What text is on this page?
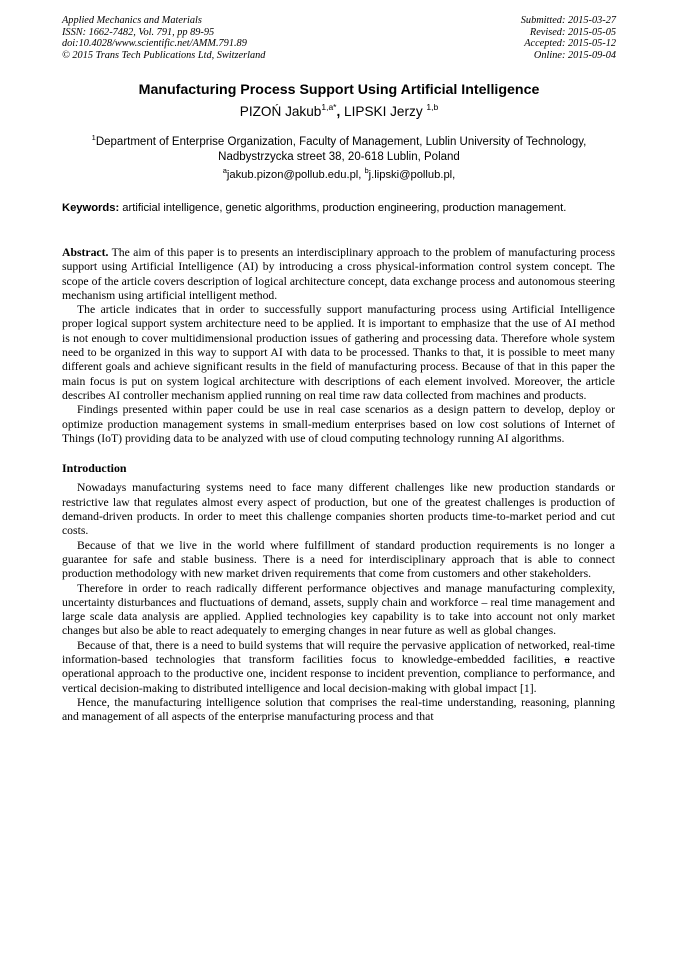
Applied Mechanics and Materials
ISSN: 1662-7482, Vol. 791, pp 89-95
doi:10.4028/www.scientific.net/AMM.791.89
© 2015 Trans Tech Publications Ltd, Switzerland
Submitted: 2015-03-27
Revised: 2015-05-05
Accepted: 2015-05-12
Online: 2015-09-04
Manufacturing Process Support Using Artificial Intelligence
PIZOŃ Jakub$^{1,a*}$, LIPSKI Jerzy $^{1,b}$
$^1$Department of Enterprise Organization, Faculty of Management, Lublin University of Technology, Nadbystrzycka street 38, 20-618 Lublin, Poland
$^a$jakub.pizon@pollub.edu.pl, $^b$j.lipski@pollub.pl,
Keywords: artificial intelligence, genetic algorithms, production engineering, production management.

Abstract. The aim of this paper is to presents an interdisciplinary approach to the problem of manufacturing process support using Artificial Intelligence (AI) by introducing a cross physical-information control system concept. The scope of the article covers description of logical architecture concept, data exchange process and autonomous steering mechanism using artificial intelligent method.

The article indicates that in order to successfully support manufacturing process using Artificial Intelligence proper logical support system architecture need to be applied. It is important to emphasize that the use of AI method is not enough to cover multidimensional production issues of gathering and processing data. Therefore whole system need to be organized in this way to support AI with data to be processed. Thanks to that, it is possible to meet many different goals and achieve significant results in the field of manufacturing process. Because of that in this paper the main focus is put on system logical architecture with descriptions of each element involved. Moreover, the article describes AI controller mechanism applied running on real time raw data collected from machines and products.

Findings presented within paper could be use in real case scenarios as a design pattern to develop, deploy or optimize production management systems in small-medium enterprises based on low cost solutions of Internet of Things (IoT) providing data to be analyzed with use of cloud computing technology running AI algorithms.

Introduction

Nowadays manufacturing systems need to face many different challenges like new production standards or restrictive law that regulates almost every aspect of production, but one of the greatest challenges is production of demand-driven products. In order to meet this challenge companies shorten products time-to-market period and cut costs.

Because of that we live in the world where fulfillment of standard production requirements is no longer a guarantee for safe and stable business. There is a need for interdisciplinary approach that is able to connect production methodology with new market driven requirements that come from customers and other stakeholders.

Therefore in order to reach radically different performance objectives and manage manufacturing complexity, uncertainty disturbances and fluctuations of demand, assets, supply chain and workforce – real time management and large scale data analysis are applied. Applied technologies key capability is to take into account not only market changes but also be able to react adequately to emerging changes in near future as well as global changes.

Because of that, there is a need to build systems that will require the pervasive application of networked, real-time information-based technologies that transform facilities focus to knowledge-embedded facilities, a reactive operational approach to the productive one, incident response to incident prevention, compliance to performance, and vertical decision-making to distributed intelligence and local decision-making with global impact [1].

Hence, the manufacturing intelligence solution that comprises the real-time understanding, reasoning, planning and management of all aspects of the enterprise manufacturing process and that
